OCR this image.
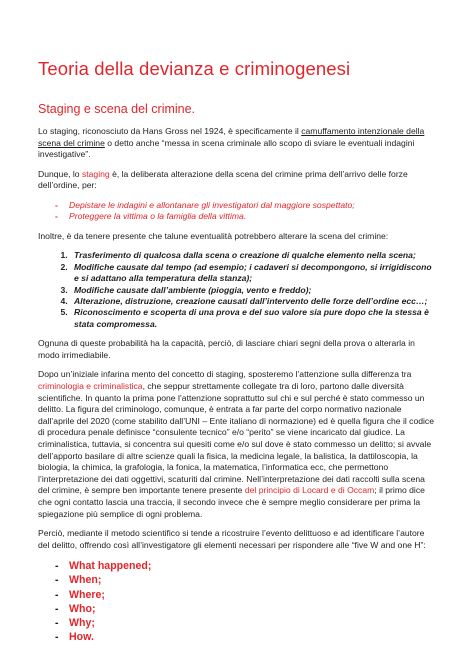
Teoria della devianza e criminogenesi
Staging e scena del crimine.

Lo staging, riconosciuto da Hans Gross nel 1924, è specificamente il camuffamento intenzionale della scena del crimine o detto anche “messa in scena criminale allo scopo di sviare le eventuali indagini investigative”.

Dunque, lo staging è, la deliberata alterazione della scena del crimine prima dell’arrivo delle forze dell’ordine, per:

- Depistare le indagini e allontanare gli investigatori dal maggiore sospettato;
- Proteggere la vittima o la famiglia della vittima.

Inoltre, è da tenere presente che talune eventualità potrebbero alterare la scena del crimine:

1. Trasferimento di qualcosa dalla scena o creazione di qualche elemento nella scena;
2. Modifiche causate dal tempo (ad esempio; i cadaveri si decompongono, si irrigidiscono e si adattano alla temperatura della stanza);
3. Modifiche causate dall’ambiente (pioggia, vento e freddo);
4. Alterazione, distruzione, creazione causati dall’intervento delle forze dell’ordine ecc…;
5. Riconoscimento e scoperta di una prova e del suo valore sia pure dopo che la stessa è stata compromessa.

Ognuna di queste probabilità ha la capacità, perciò, di lasciare chiari segni della prova o alterarla in modo irrimediabile.

Dopo un’iniziale infarina mento del concetto di staging, sposteremo l’attenzione sulla differenza tra criminologia e criminalistica, che seppur strettamente collegate tra di loro, partono dalle diversità scientifiche. In quanto la prima pone l’attenzione soprattutto sul chi e sul perché è stato commesso un delitto. La figura del criminologo, comunque, è entrata a far parte del corpo normativo nazionale dall’aprile del 2020 (come stabilito dall’UNI – Ente italiano di normazione) ed è quella figura che il codice di procedura penale definisce “consulente tecnico” e/o “perito” se viene incaricato dal giudice. La criminalistica, tuttavia, si concentra sui quesiti come e/o sul dove è stato commesso un delitto; si avvale dell’apporto basilare di altre scienze quali la fisica, la medicina legale, la balistica, la dattiloscopia, la biologia, la chimica, la grafologia, la fonica, la matematica, l’informatica ecc, che permettono l’interpretazione dei dati oggettivi, scaturiti dal crimine. Nell’interpretazione dei dati raccolti sulla scena del crimine, è sempre ben importante tenere presente del principio di Locard e di Occam; il primo dice che ogni contatto lascia una traccia, il secondo invece che è sempre meglio considerare per prima la spiegazione più semplice di ogni problema.

Perciò, mediante il metodo scientifico si tende a ricostruire l’evento delittuoso e ad identificare l’autore del delitto, offrendo così all’investigatore gli elementi necessari per rispondere alle “five W and one H”:

- What happened;
- When;
- Where;
- Who;
- Why;
- How.
